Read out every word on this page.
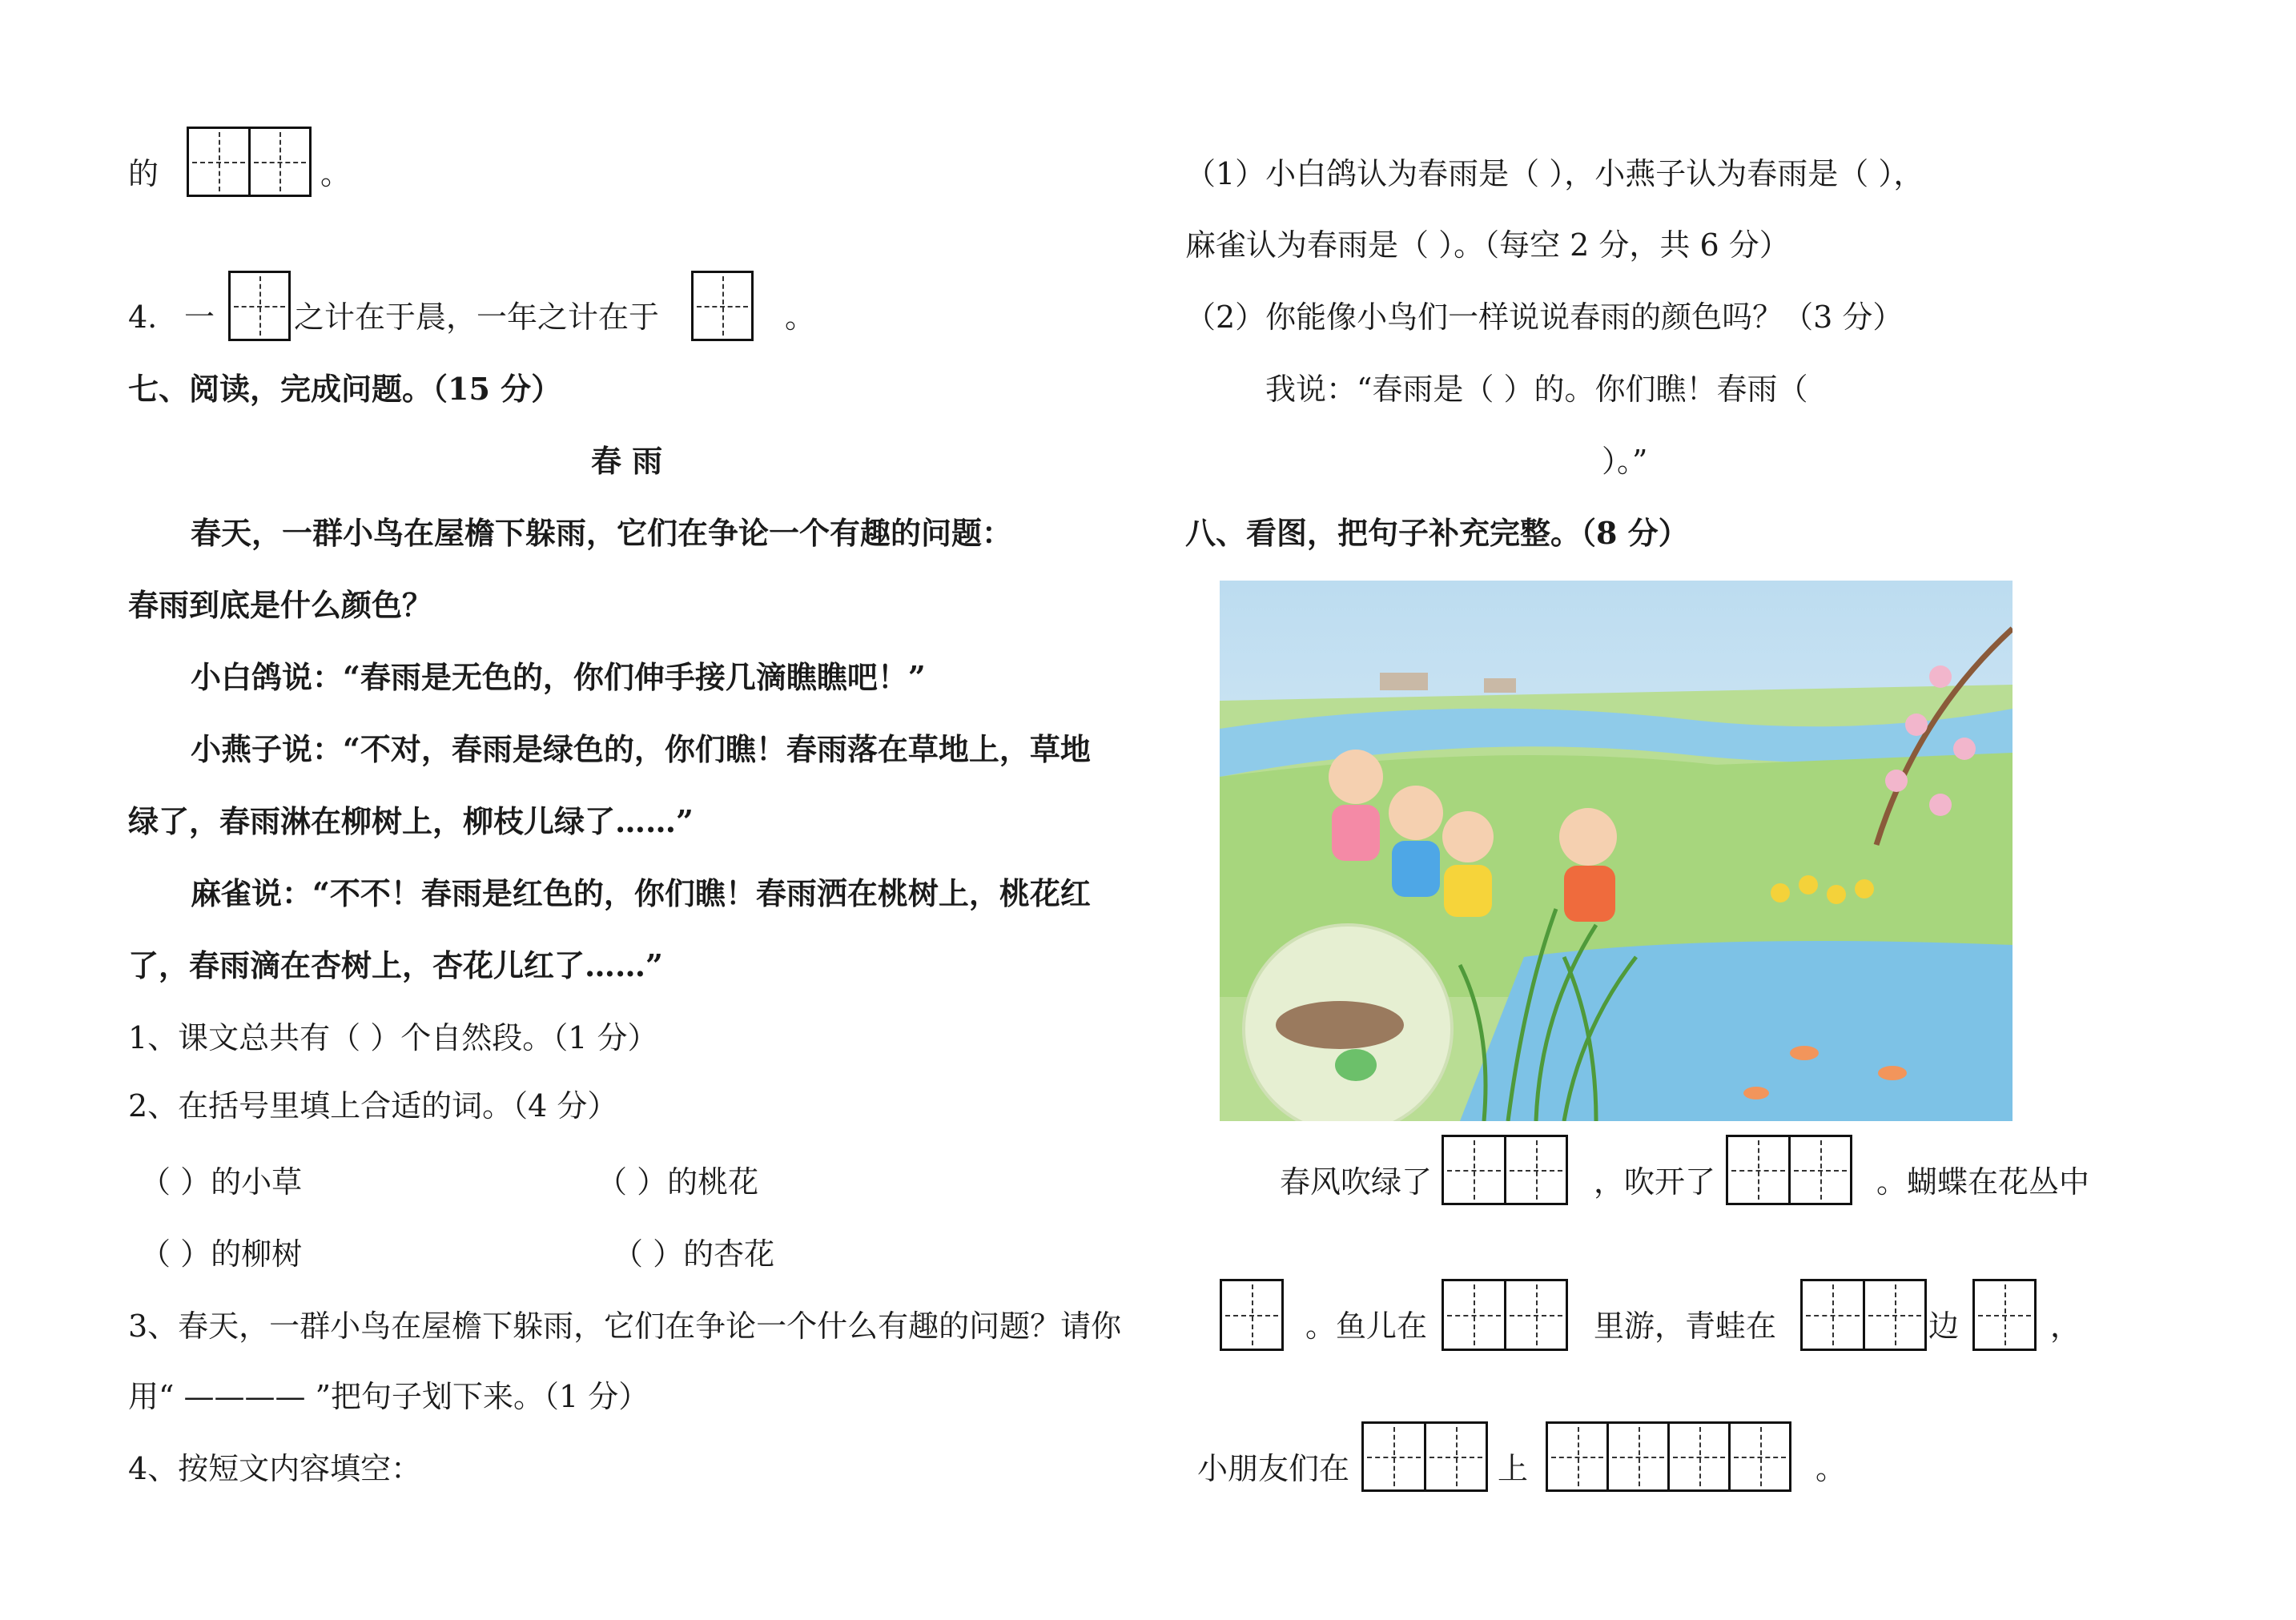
的	。
4. 一	之计在于晨，一年之计在于	。
七、阅读，完成问题。（15 分）
春 雨
春天，一群小鸟在屋檐下躲雨，它们在争论一个有趣的问题：
春雨到底是什么颜色？
小白鸽说：“春雨是无色的，你们伸手接几滴瞧瞧吧！”
小燕子说：“不对，春雨是绿色的，你们瞧！春雨落在草地上，草地
绿了，春雨淋在柳树上，柳枝儿绿了……”
麻雀说：“不不！春雨是红色的，你们瞧！春雨洒在桃树上，桃花红
了，春雨滴在杏树上，杏花儿红了……”
1、课文总共有（ ）个自然段。（1 分）
2、在括号里填上合适的词。（4 分）
（ ）的小草	（ ）的桃花
（ ）的柳树	（ ）的杏花
3、春天，一群小鸟在屋檐下躲雨，它们在争论一个什么有趣的问题？请你
用“ ———— ”把句子划下来。（1 分）
4、按短文内容填空：
（1）小白鸽认为春雨是（ ），小燕子认为春雨是（ ），
麻雀认为春雨是（ ）。（每空 2 分，共 6 分）
（2）你能像小鸟们一样说说春雨的颜色吗？（3 分）
我说：“春雨是（ ）的。你们瞧！春雨（
）。”
八、看图，把句子补充完整。（8 分）
春风吹绿了	，吹开了	。蝴蝶在花丛中
。鱼儿在	里游，青蛙在	边	，
小朋友们在	上	。
